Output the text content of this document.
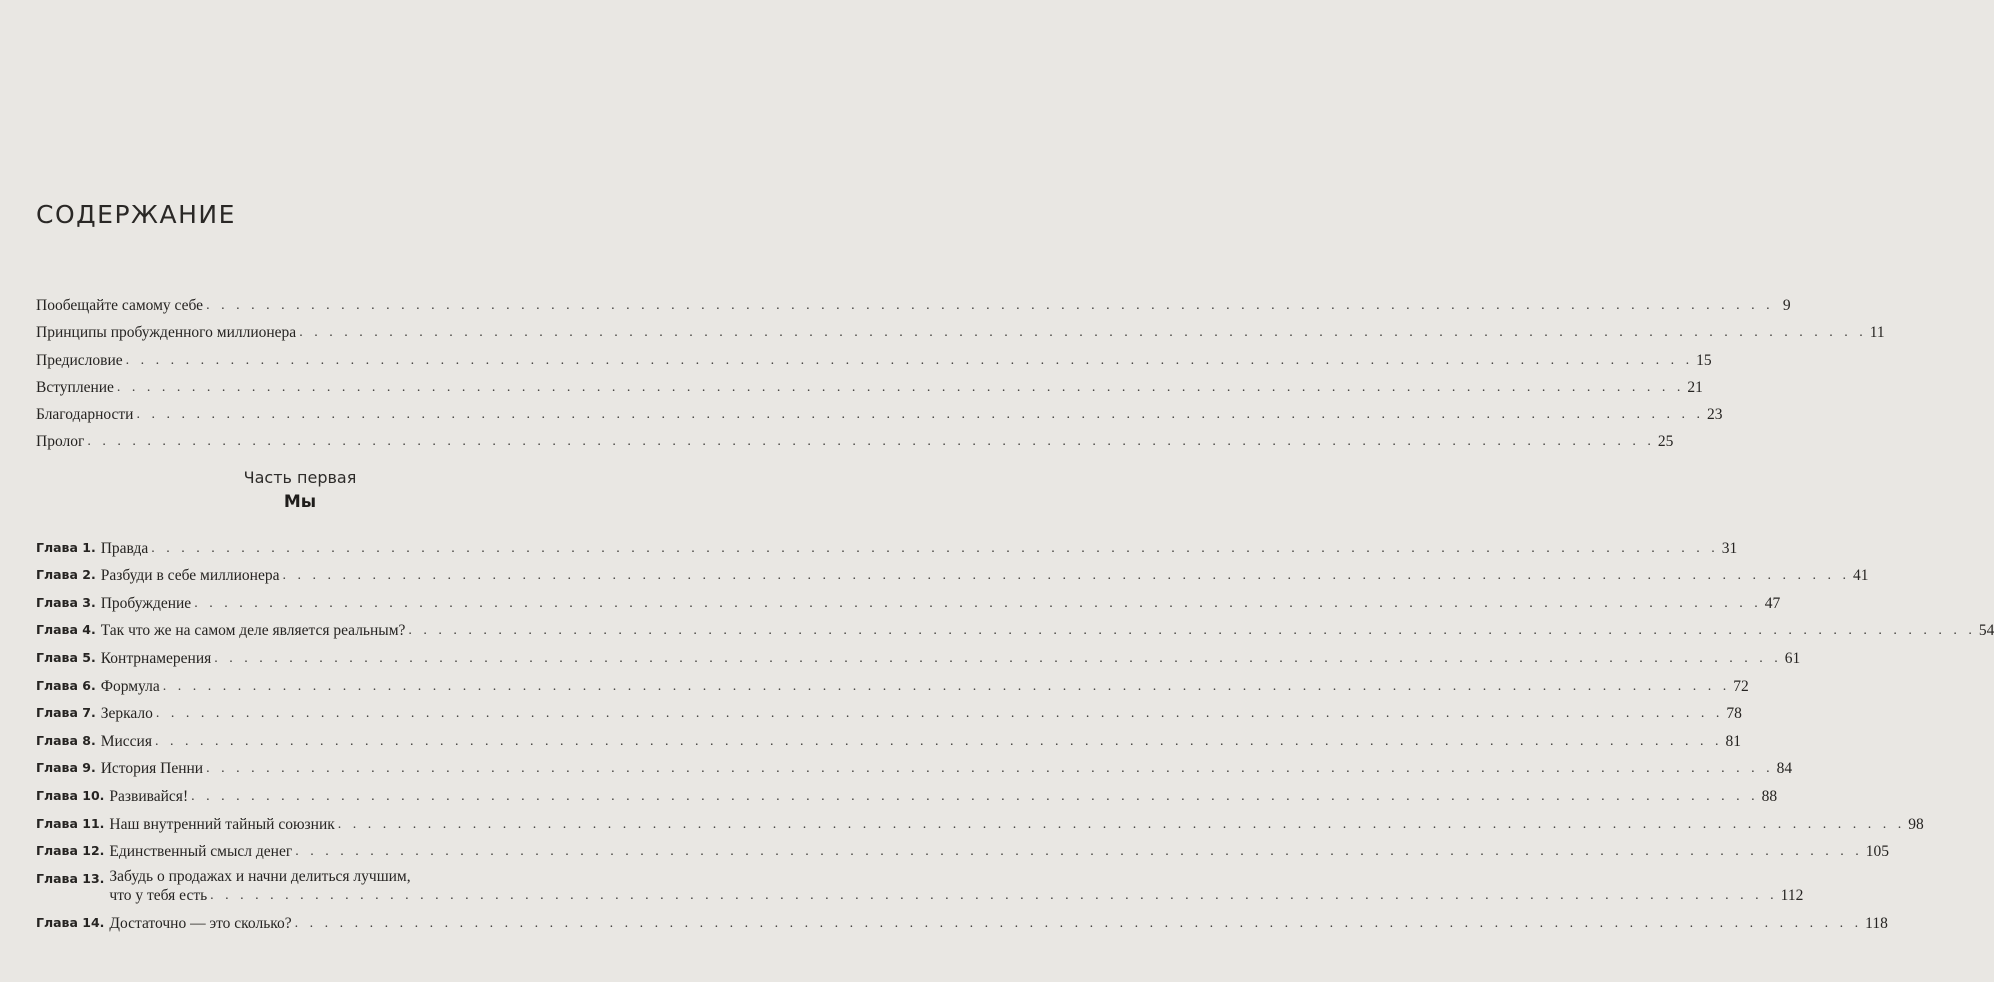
СОДЕРЖАНИЕ
Пообещайте самому себе . . .	9
Принципы пробужденного миллионера . . .	11
Предисловие . . .	15
Вступление . . .	21
Благодарности . . .	23
Пролог . . .	25
Часть первая
Мы
Глава 1. Правда . . .	31
Глава 2. Разбуди в себе миллионера . . .	41
Глава 3. Пробуждение . . .	47
Глава 4. Так что же на самом деле является реальным? . . .	54
Глава 5. Контрнамерения . . .	61
Глава 6. Формула . . .	72
Глава 7. Зеркало . . .	78
Глава 8. Миссия . . .	81
Глава 9. История Пенни . . .	84
Глава 10. Развивайся! . . .	88
Глава 11. Наш внутренний тайный союзник . . .	98
Глава 12. Единственный смысл денег . . .	105
Глава 13. Забудь о продажах и начни делиться лучшим,
что у тебя есть . . .	112
Глава 14. Достаточно — это сколько? . . .	118
